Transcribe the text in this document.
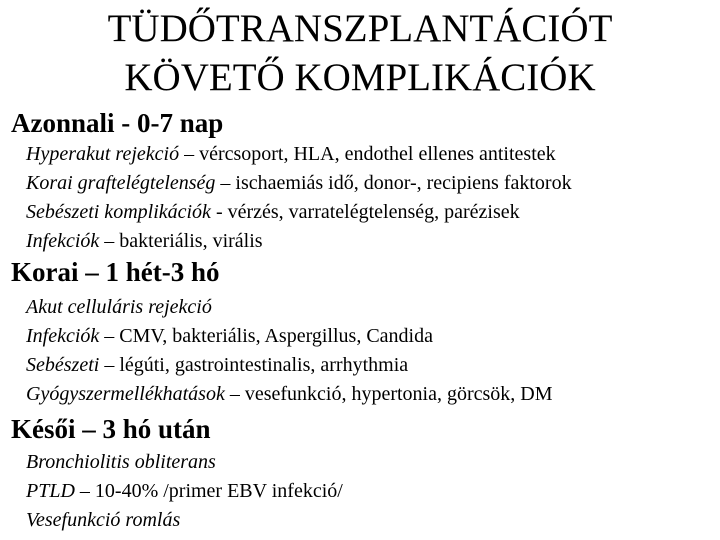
TÜDŐTRANSZPLANTÁCIÓT
KÖVETŐ KOMPLIKÁCIÓK
Azonnali - 0-7 nap

Hyperakut rejekció – vércsoport, HLA, endothel ellenes antitestek

Korai graftelégtelenség – ischaemiás idő, donor-, recipiens faktorok

Sebészeti komplikációk - vérzés, varratelégtelenség, parézisek

Infekciók – bakteriális, virális

Korai – 1 hét-3 hó

Akut celluláris rejekció

Infekciók – CMV, bakteriális, Aspergillus, Candida

Sebészeti – légúti, gastrointestinalis, arrhythmia

Gyógyszermellékhatások – vesefunkció, hypertonia, görcsök, DM

Késői – 3 hó után

Bronchiolitis obliterans

PTLD – 10-40% /primer EBV infekció/

Vesefunkció romlás
